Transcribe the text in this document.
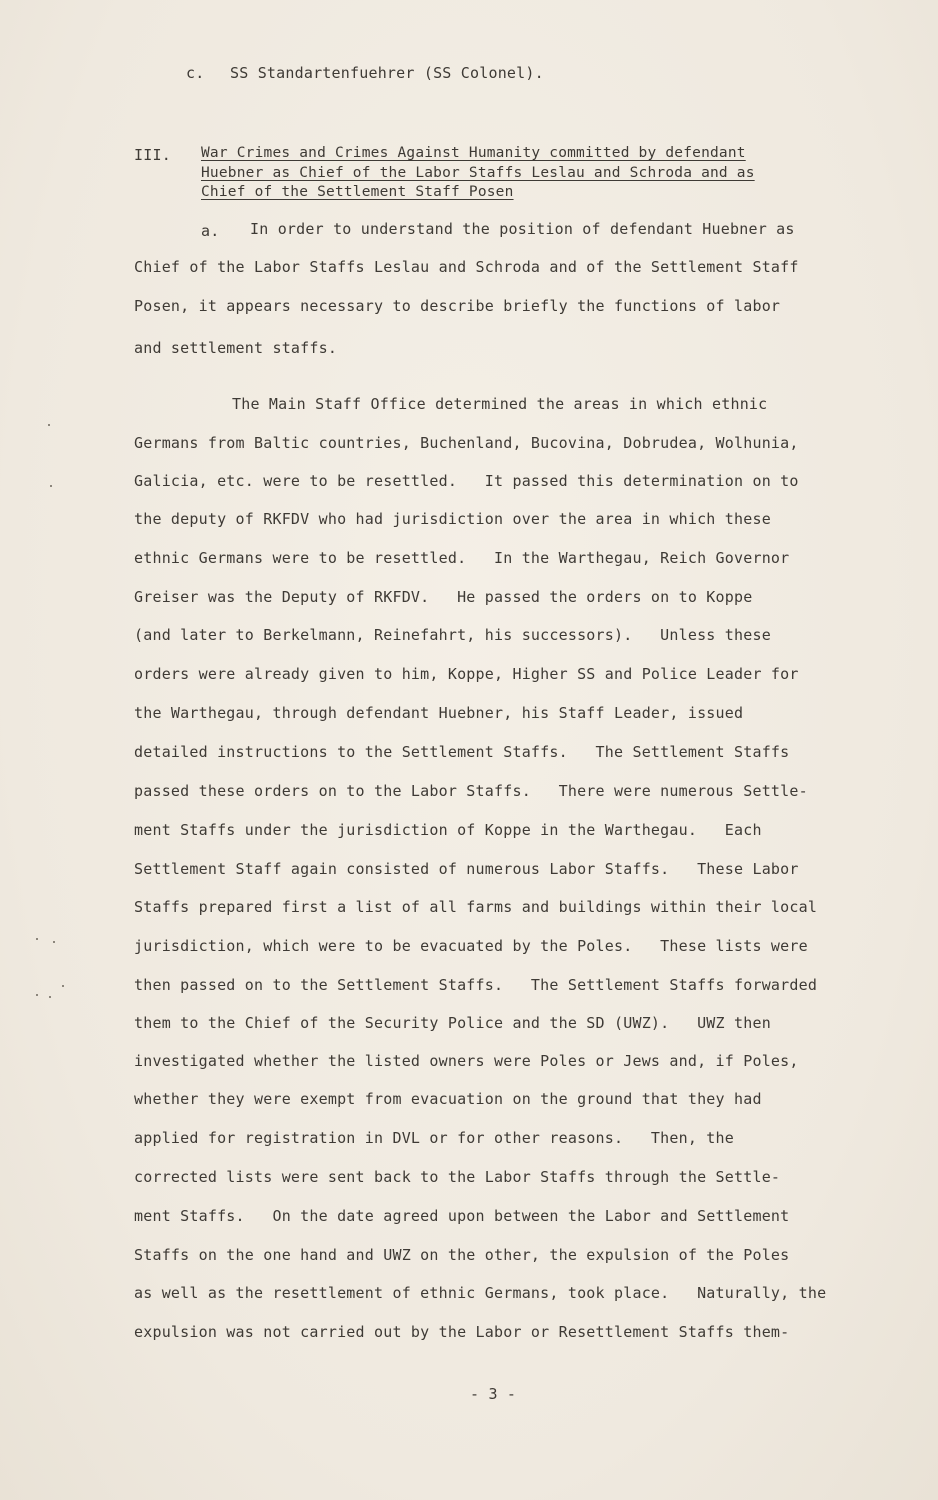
c. SS Standartenfuehrer (SS Colonel).
III. War Crimes and Crimes Against Humanity committed by defendant
Huebner as Chief of the Labor Staffs Leslau and Schroda and as
Chief of the Settlement Staff Posen
a. In order to understand the position of defendant Huebner as
Chief of the Labor Staffs Leslau and Schroda and of the Settlement Staff
Posen, it appears necessary to describe briefly the functions of labor
and settlement staffs.
The Main Staff Office determined the areas in which ethnic
Germans from Baltic countries, Buchenland, Bucovina, Dobrudea, Wolhunia,
Galicia, etc. were to be resettled.   It passed this determination on to
the deputy of RKFDV who had jurisdiction over the area in which these
ethnic Germans were to be resettled.   In the Warthegau, Reich Governor
Greiser was the Deputy of RKFDV.   He passed the orders on to Koppe
(and later to Berkelmann, Reinefahrt, his successors).   Unless these
orders were already given to him, Koppe, Higher SS and Police Leader for
the Warthegau, through defendant Huebner, his Staff Leader, issued
detailed instructions to the Settlement Staffs.   The Settlement Staffs
passed these orders on to the Labor Staffs.   There were numerous Settle-
ment Staffs under the jurisdiction of Koppe in the Warthegau.   Each
Settlement Staff again consisted of numerous Labor Staffs.   These Labor
Staffs prepared first a list of all farms and buildings within their local
jurisdiction, which were to be evacuated by the Poles.   These lists were
then passed on to the Settlement Staffs.   The Settlement Staffs forwarded
them to the Chief of the Security Police and the SD (UWZ).   UWZ then
investigated whether the listed owners were Poles or Jews and, if Poles,
whether they were exempt from evacuation on the ground that they had
applied for registration in DVL or for other reasons.   Then, the
corrected lists were sent back to the Labor Staffs through the Settle-
ment Staffs.   On the date agreed upon between the Labor and Settlement
Staffs on the one hand and UWZ on the other, the expulsion of the Poles
as well as the resettlement of ethnic Germans, took place.   Naturally, the
expulsion was not carried out by the Labor or Resettlement Staffs them-
- 3 -
